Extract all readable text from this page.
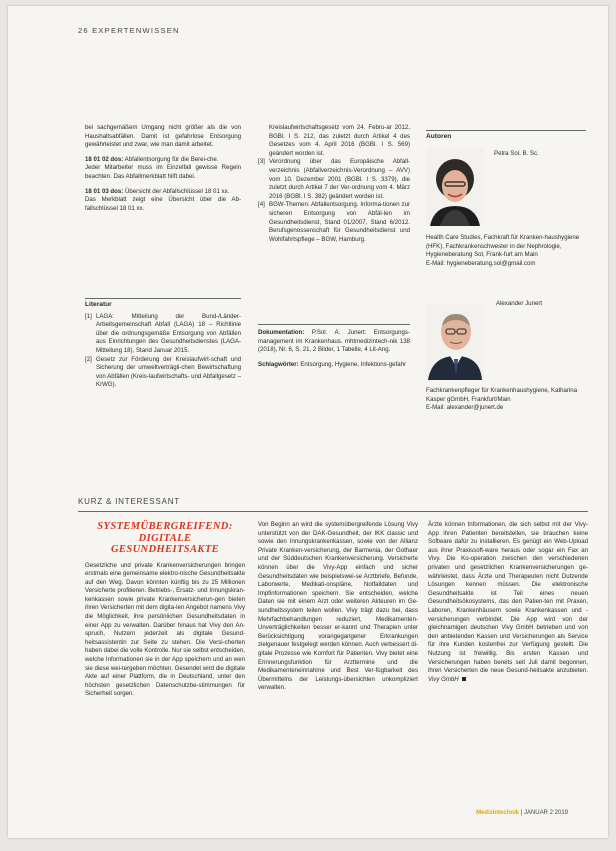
26 EXPERTENWISSEN

bei sachgemäßem Umgang nicht größer als die von Haushaltsabfällen. Damit ist gefahrlose Entsorgung gewährleistet und zwar, wie man damit arbeitet.

18 01 02 dos: Abfallentsorgung für die Berei-che.

Jeder Mitarbeiter muss im Einzelfall gewisse Regeln beachten. Das Abfallmerkblatt hilft dabei.

18 01 03 dos: Übersicht der Abfallschlüssel 18 01 xx.

Das Merkblatt zeigt eine Übersicht über die Ab-fallschlüssel 18 01 xx.

Literatur
[1] LAGA: Mitteilung der Bund-/Länder-Arbeitsgemeinschaft Abfall (LAGA) 18 – Richtlinie über die ordnungsgemäße Entsorgung von Abfällen aus Einrichtungen des Gesundheitsdienstes (LAGA-Mitteilung 18), Stand Januar 2015.
[2] Gesetz zur Förderung der Kreislaufwirt-schaft und Sicherung der umweltverträgli-chen Bewirtschaftung von Abfällen (Kreis-laufwirtschafts- und Abfallgesetz – KrWG).
Kreislaufwirtschaftsgesetz vom 24. Febru-ar 2012, BGBl. I S. 212, das zuletzt durch Artikel 4 des Gesetzes vom 4. April 2016 (BGBl. I S. 569) geändert worden ist.
[3] Verordnung über das Europäische Abfall-verzeichnis (Abfallverzeichnis-Verordnung – AVV) vom 10. Dezember 2001 (BGBl. I S. 3379), die zuletzt durch Artikel 7 der Ver-ordnung vom 4. März 2016 (BGBl. I S. 382) geändert worden ist.
[4] BGW-Themen: Abfallentsorgung. Informa-tionen zur sicheren Entsorgung von Abfäl-len im Gesundheitsdienst, Stand 01/2007, Stand 6/2012. Berufsgenossenschaft für Gesundheitsdienst und Wohlfahrtspflege – BGW, Hamburg.

Dokumentation: P.Sol. A. Junert: Entsorgungs-management im Krankenhaus. mhtmedizintech-nik 138 (2018), Nr. 6, S. 21, 2 Bilder, 1 Tabelle, 4 Lit-Ang.

Schlagwörter: Entsorgung, Hygiene, Infektions-gefahr

Autoren
Petra Sol, B. Sc.

Health Care Studies, Fachkraft für Kranken-haushygiene (HFK), Fachkrankenschwester in der Nephrologie, Hygieneberatung Sol, Frank-furt am Main

E-Mail: hygieneberatung.sol@gmail.com

Alexander Junert

Fachkrankenpfleger für Krankenhaushygiene, Katharina Kasper gGmbH, Frankfurt/Main

E-Mail: alexander@junert.de

KURZ & INTERESSANT
SYSTEMÜBERGREIFEND:
DIGITALE
GESUNDHEITSAKTE

Gesetzliche und private Krankenversicherungen bringen erstmals eine gemeinsame elektro-nische Gesundheitsakte auf den Weg. Davon könnten künftig bis zu 25 Millionen Versicherte profitieren. Betriebs-, Ersatz- und Innungskran-kenkassen sowie private Krankenversicherun-gen bieten ihren Versicherten mit dem digita-len Angebot namens Vivy die Möglichkeit, ihre persönlichen Gesundheitsdaten in einer App zu verwalten. Darüber hinaus hat Vivy den An-spruch, Nutzern jederzeit als digitale Gesund-heitsassistentin zur Seite zu stehen. Die Versi-cherten haben dabei die volle Kontrolle. Nur sie selbst entscheiden, welche Informationen sie in der App speichern und an wen sie diese wei-tergeben möchten. Gesendet wird die digitale Akte auf einer Plattform, die in Deutschland, unter den höchsten gesetzlichen Datenschutzbe-stimmungen für Sicherheit sorgen.

Von Beginn an wird die systemübergreifende Lösung Vivy unterstützt von der DAK-Gesundheit, der IKK classic und sowie den Innungskrankenkassen, sowie von der Allianz Private Kranken-versicherung, der Barmenia, der Gothaer und der Süddeutschen Krankenversicherung. Versicherte können über die Vivy-App einfach und sicher Gesundheitsdaten wie beispielswei-se Arztbriefe, Befunde, Laborwerte, Medikati-onspläne, Notfalldaten und Impfinformationen speichern. Sie entscheiden, welche Daten sie mit einem Arzt oder weiteren Akteuren im Ge-sundheitssystem teilen wollen. Vivy trägt dazu bei, dass Mehrfachbehandlungen reduziert, Medikamenten-Unverträglichkeiten besser er-kannt und Therapien unter Berücksichtigung vorangegangener Erkrankungen zielgenauer festgelegt werden können. Auch verbessert di-gitale Prozesse wie Komfort für Patienten. Vivy bietet eine Erinnerungsfunktion für Arzttermine und die Medikamenteneinnahme und Best Ver-fügbarkeit des Übermittelns der Leistungs-übersichten unkompliziert verwalten.

Ärzte können Informationen, die sich selbst mit der Vivy-App ihren Patienten bereitstellen, sie brauchen keine Software dafür zu installieren. Es genügt ein Web-Upload aus ihrer Praxissoft-ware heraus oder sogar ein Fax an Vivy. Die Ko-operation zwischen den verschiedenen privaten und gesetzlichen Krankenversicherungen ge-währleistet, dass Ärzte und Therapeuten nicht Dutzende Lösungen kennen müssen. Die elektronische Gesundheitsakte ist Teil eines neuen Gesundheitsökosystems, das den Patien-ten mit Praxen, Laboren, Krankenhäusern sowie Krankenkassen und -versicherungen verbindet. Die App wird von der gleichnamigen deutschen Vivy GmbH betrieben und von den anbietenden Kassen und Versicherungen als Service für ihre Kunden kostenfrei zur Verfügung gestellt. Die Nutzung ist freiwillig. Bis ersten Kassen und Versicherungen haben bereits seit Juli damit begonnen, ihren Versicherten die neue Gesund-heitsakte anzubieten. Vivy GmbH

Medizintechnik | JANUAR 2 2019
